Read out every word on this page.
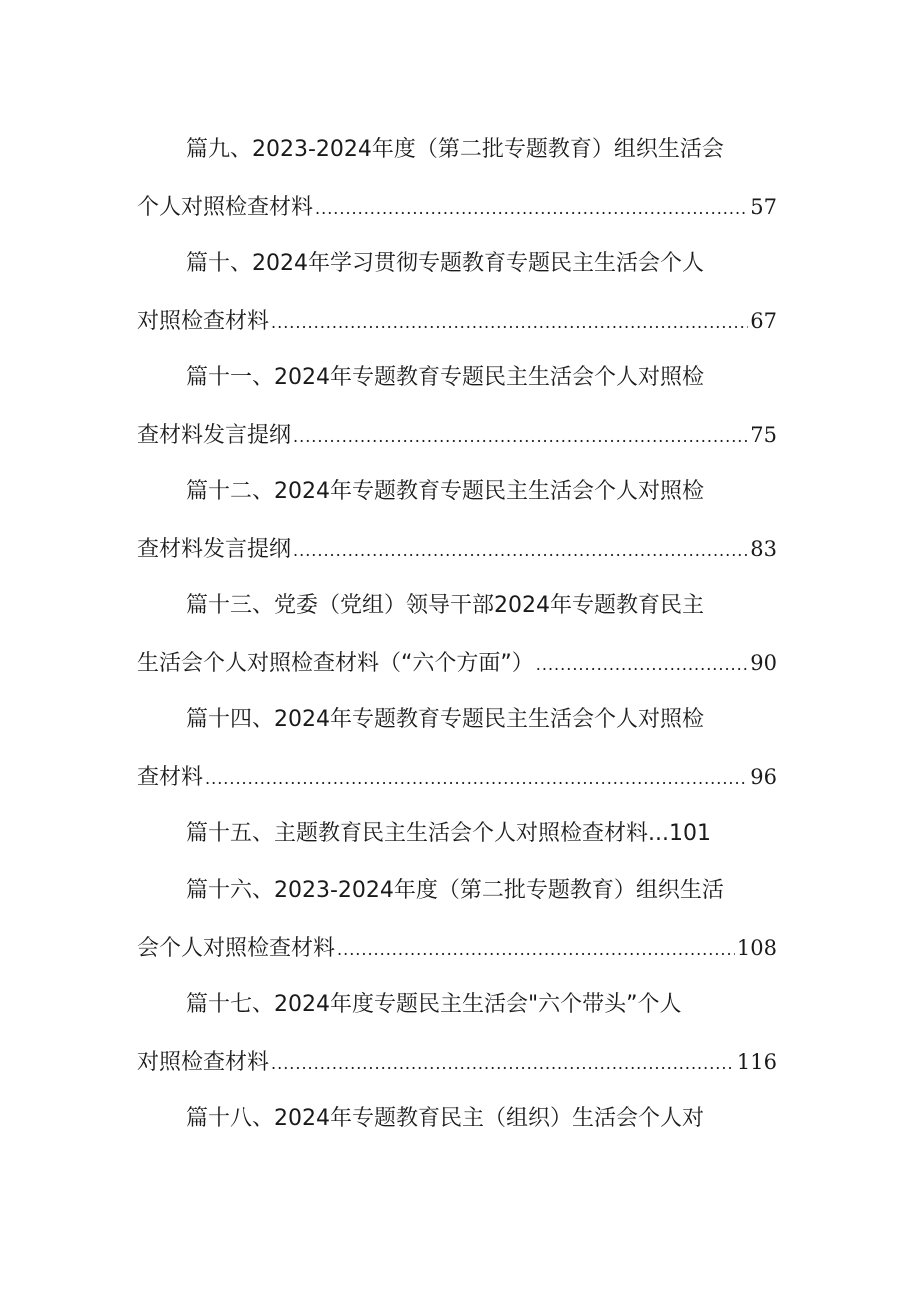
篇九、2023-2024年度（第二批专题教育）组织生活会
个人对照检查材料 .....	57
篇十、2024年学习贯彻专题教育专题民主生活会个人
对照检查材料 .....	67
篇十一、2024年专题教育专题民主生活会个人对照检
查材料发言提纲 .....	75
篇十二、2024年专题教育专题民主生活会个人对照检
查材料发言提纲 .....	83
篇十三、党委（党组）领导干部2024年专题教育民主
生活会个人对照检查材料（“六个方面”） .....	90
篇十四、2024年专题教育专题民主生活会个人对照检
查材料 .....	96
篇十五、主题教育民主生活会个人对照检查材料...101
篇十六、2023-2024年度（第二批专题教育）组织生活
会个人对照检查材料 .....	108
篇十七、2024年度专题民主生活会"六个带头”个人
对照检查材料 .....	116
篇十八、2024年专题教育民主（组织）生活会个人对
